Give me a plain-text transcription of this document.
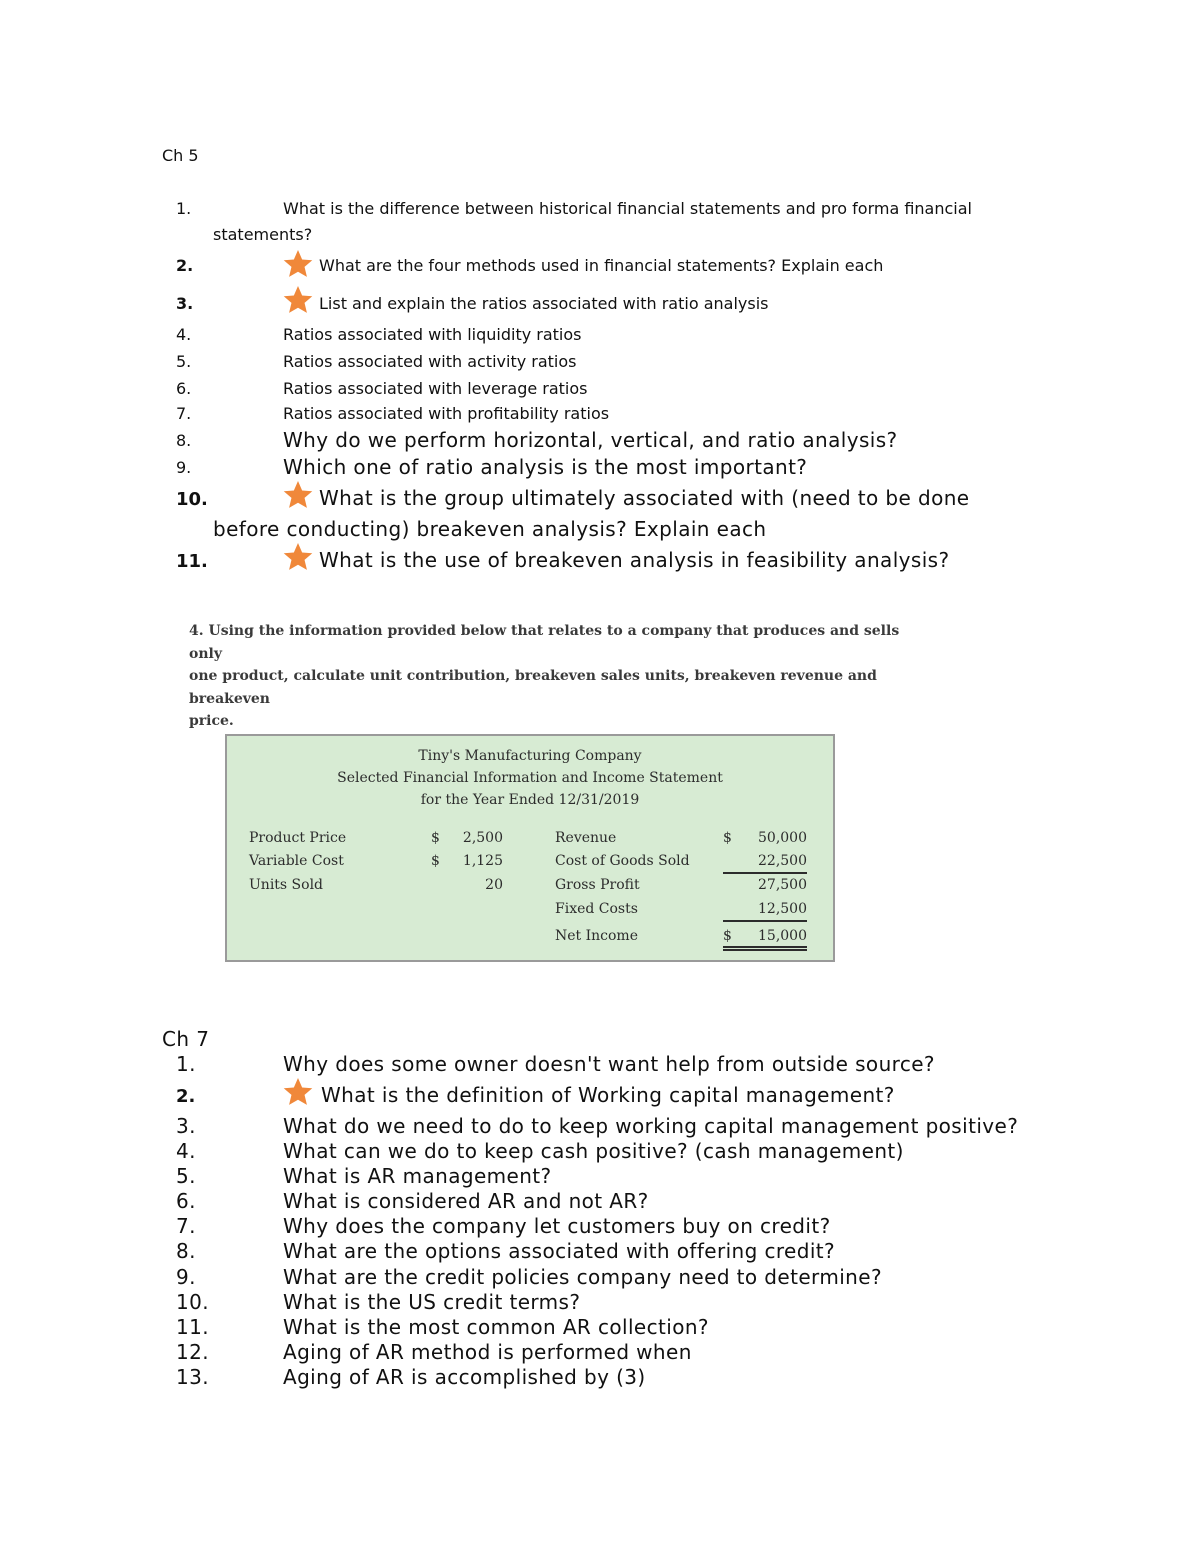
Ch 5
1.	What is the difference between historical financial statements and pro forma financial
statements?
2.	What are the four methods used in financial statements? Explain each
3.	List and explain the ratios associated with ratio analysis
4.	Ratios associated with liquidity ratios
5.	Ratios associated with activity ratios
6.	Ratios associated with leverage ratios
7.	Ratios associated with profitability ratios
8.	Why do we perform horizontal, vertical, and ratio analysis?
9.	Which one of ratio analysis is the most important?
10.	What is the group ultimately associated with (need to be done
before conducting) breakeven analysis? Explain each
11.	What is the use of breakeven analysis in feasibility analysis?
4. Using the information provided below that relates to a company that produces and sells only
one product, calculate unit contribution, breakeven sales units, breakeven revenue and breakeven
price.
Tiny's Manufacturing Company
Selected Financial Information and Income Statement
for the Year Ended 12/31/2019
Product Price	$	2,500
Variable Cost	$	1,125
Units Sold	20
Revenue	$	50,000
Cost of Goods Sold	22,500
Gross Profit	27,500
Fixed Costs	12,500
Net Income	$	15,000
Ch 7
1.	Why does some owner doesn't want help from outside source?
2.	What is the definition of Working capital management?
3.	What do we need to do to keep working capital management positive?
4.	What can we do to keep cash positive? (cash management)
5.	What is AR management?
6.	What is considered AR and not AR?
7.	Why does the company let customers buy on credit?
8.	What are the options associated with offering credit?
9.	What are the credit policies company need to determine?
10.	What is the US credit terms?
11.	What is the most common AR collection?
12.	Aging of AR method is performed when
13.	Aging of AR is accomplished by (3)
